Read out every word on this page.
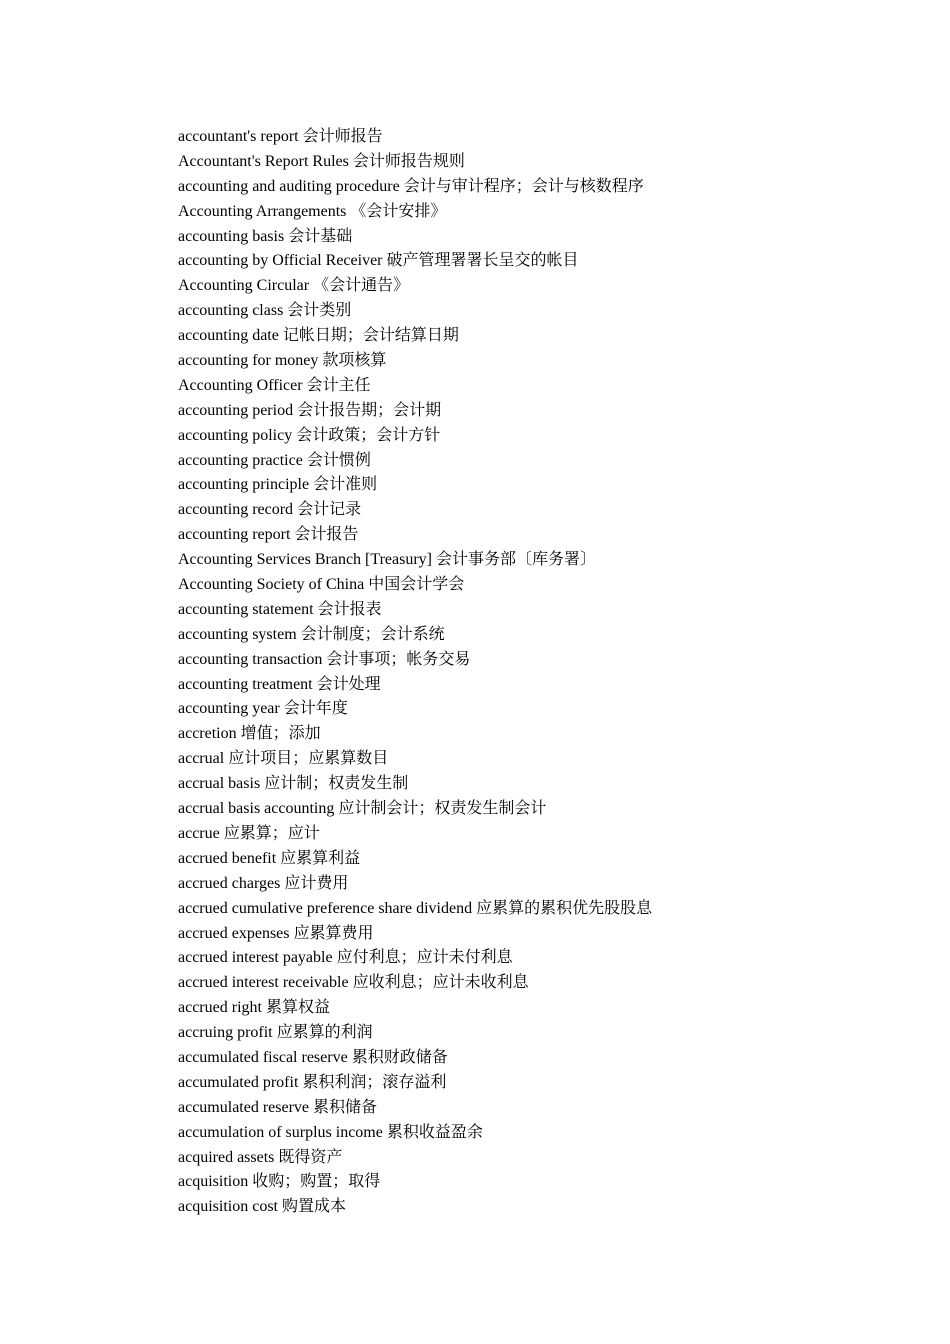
accountant's report 会计师报告
Accountant's Report Rules 会计师报告规则
accounting and auditing procedure 会计与审计程序；会计与核数程序
Accounting Arrangements 《会计安排》
accounting basis 会计基础
accounting by Official Receiver 破产管理署署长呈交的帐目
Accounting Circular 《会计通告》
accounting class 会计类别
accounting date 记帐日期；会计结算日期
accounting for money 款项核算
Accounting Officer 会计主任
accounting period 会计报告期；会计期
accounting policy 会计政策；会计方针
accounting practice 会计惯例
accounting principle 会计准则
accounting record 会计记录
accounting report 会计报告
Accounting Services Branch [Treasury] 会计事务部〔库务署〕
Accounting Society of China 中国会计学会
accounting statement 会计报表
accounting system 会计制度；会计系统
accounting transaction 会计事项；帐务交易
accounting treatment 会计处理
accounting year 会计年度
accretion 增值；添加
accrual 应计项目；应累算数目
accrual basis 应计制；权责发生制
accrual basis accounting 应计制会计；权责发生制会计
accrue 应累算；应计
accrued benefit 应累算利益
accrued charges 应计费用
accrued cumulative preference share dividend 应累算的累积优先股股息
accrued expenses 应累算费用
accrued interest payable 应付利息；应计未付利息
accrued interest receivable 应收利息；应计未收利息
accrued right 累算权益
accruing profit 应累算的利润
accumulated fiscal reserve 累积财政储备
accumulated profit 累积利润；滚存溢利
accumulated reserve 累积储备
accumulation of surplus income 累积收益盈余
acquired assets 既得资产
acquisition 收购；购置；取得
acquisition cost 购置成本
